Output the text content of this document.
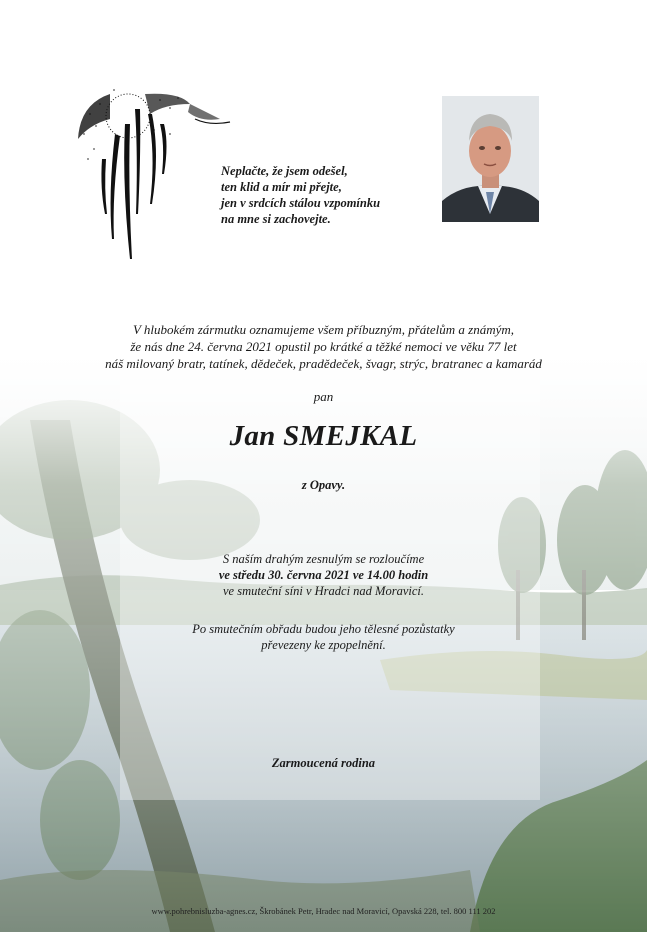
Neplačte, že jsem odešel,
ten klid a mír mi přejte,
jen v srdcích stálou vzpomínku
na mne si zachovejte.
V hlubokém zármutku oznamujeme všem příbuzným, přátelům a známým,
že nás dne 24. června 2021 opustil po krátké a těžké nemoci ve věku 77 let
náš milovaný bratr, tatínek, dědeček, pradědeček, švagr, strýc, bratranec a kamarád
pan
Jan SMEJKAL
z Opavy.
S naším drahým zesnulým se rozloučíme
ve středu 30. června 2021 ve 14.00 hodin
ve smuteční síni v Hradci nad Moravicí.
Po smutečním obřadu budou jeho tělesné pozůstatky
převezeny ke zpopelnění.
Zarmoucená rodina
www.pohrebnisluzba-agnes.cz, Škrobánek Petr, Hradec nad Moravicí, Opavská 228, tel. 800 111 202
